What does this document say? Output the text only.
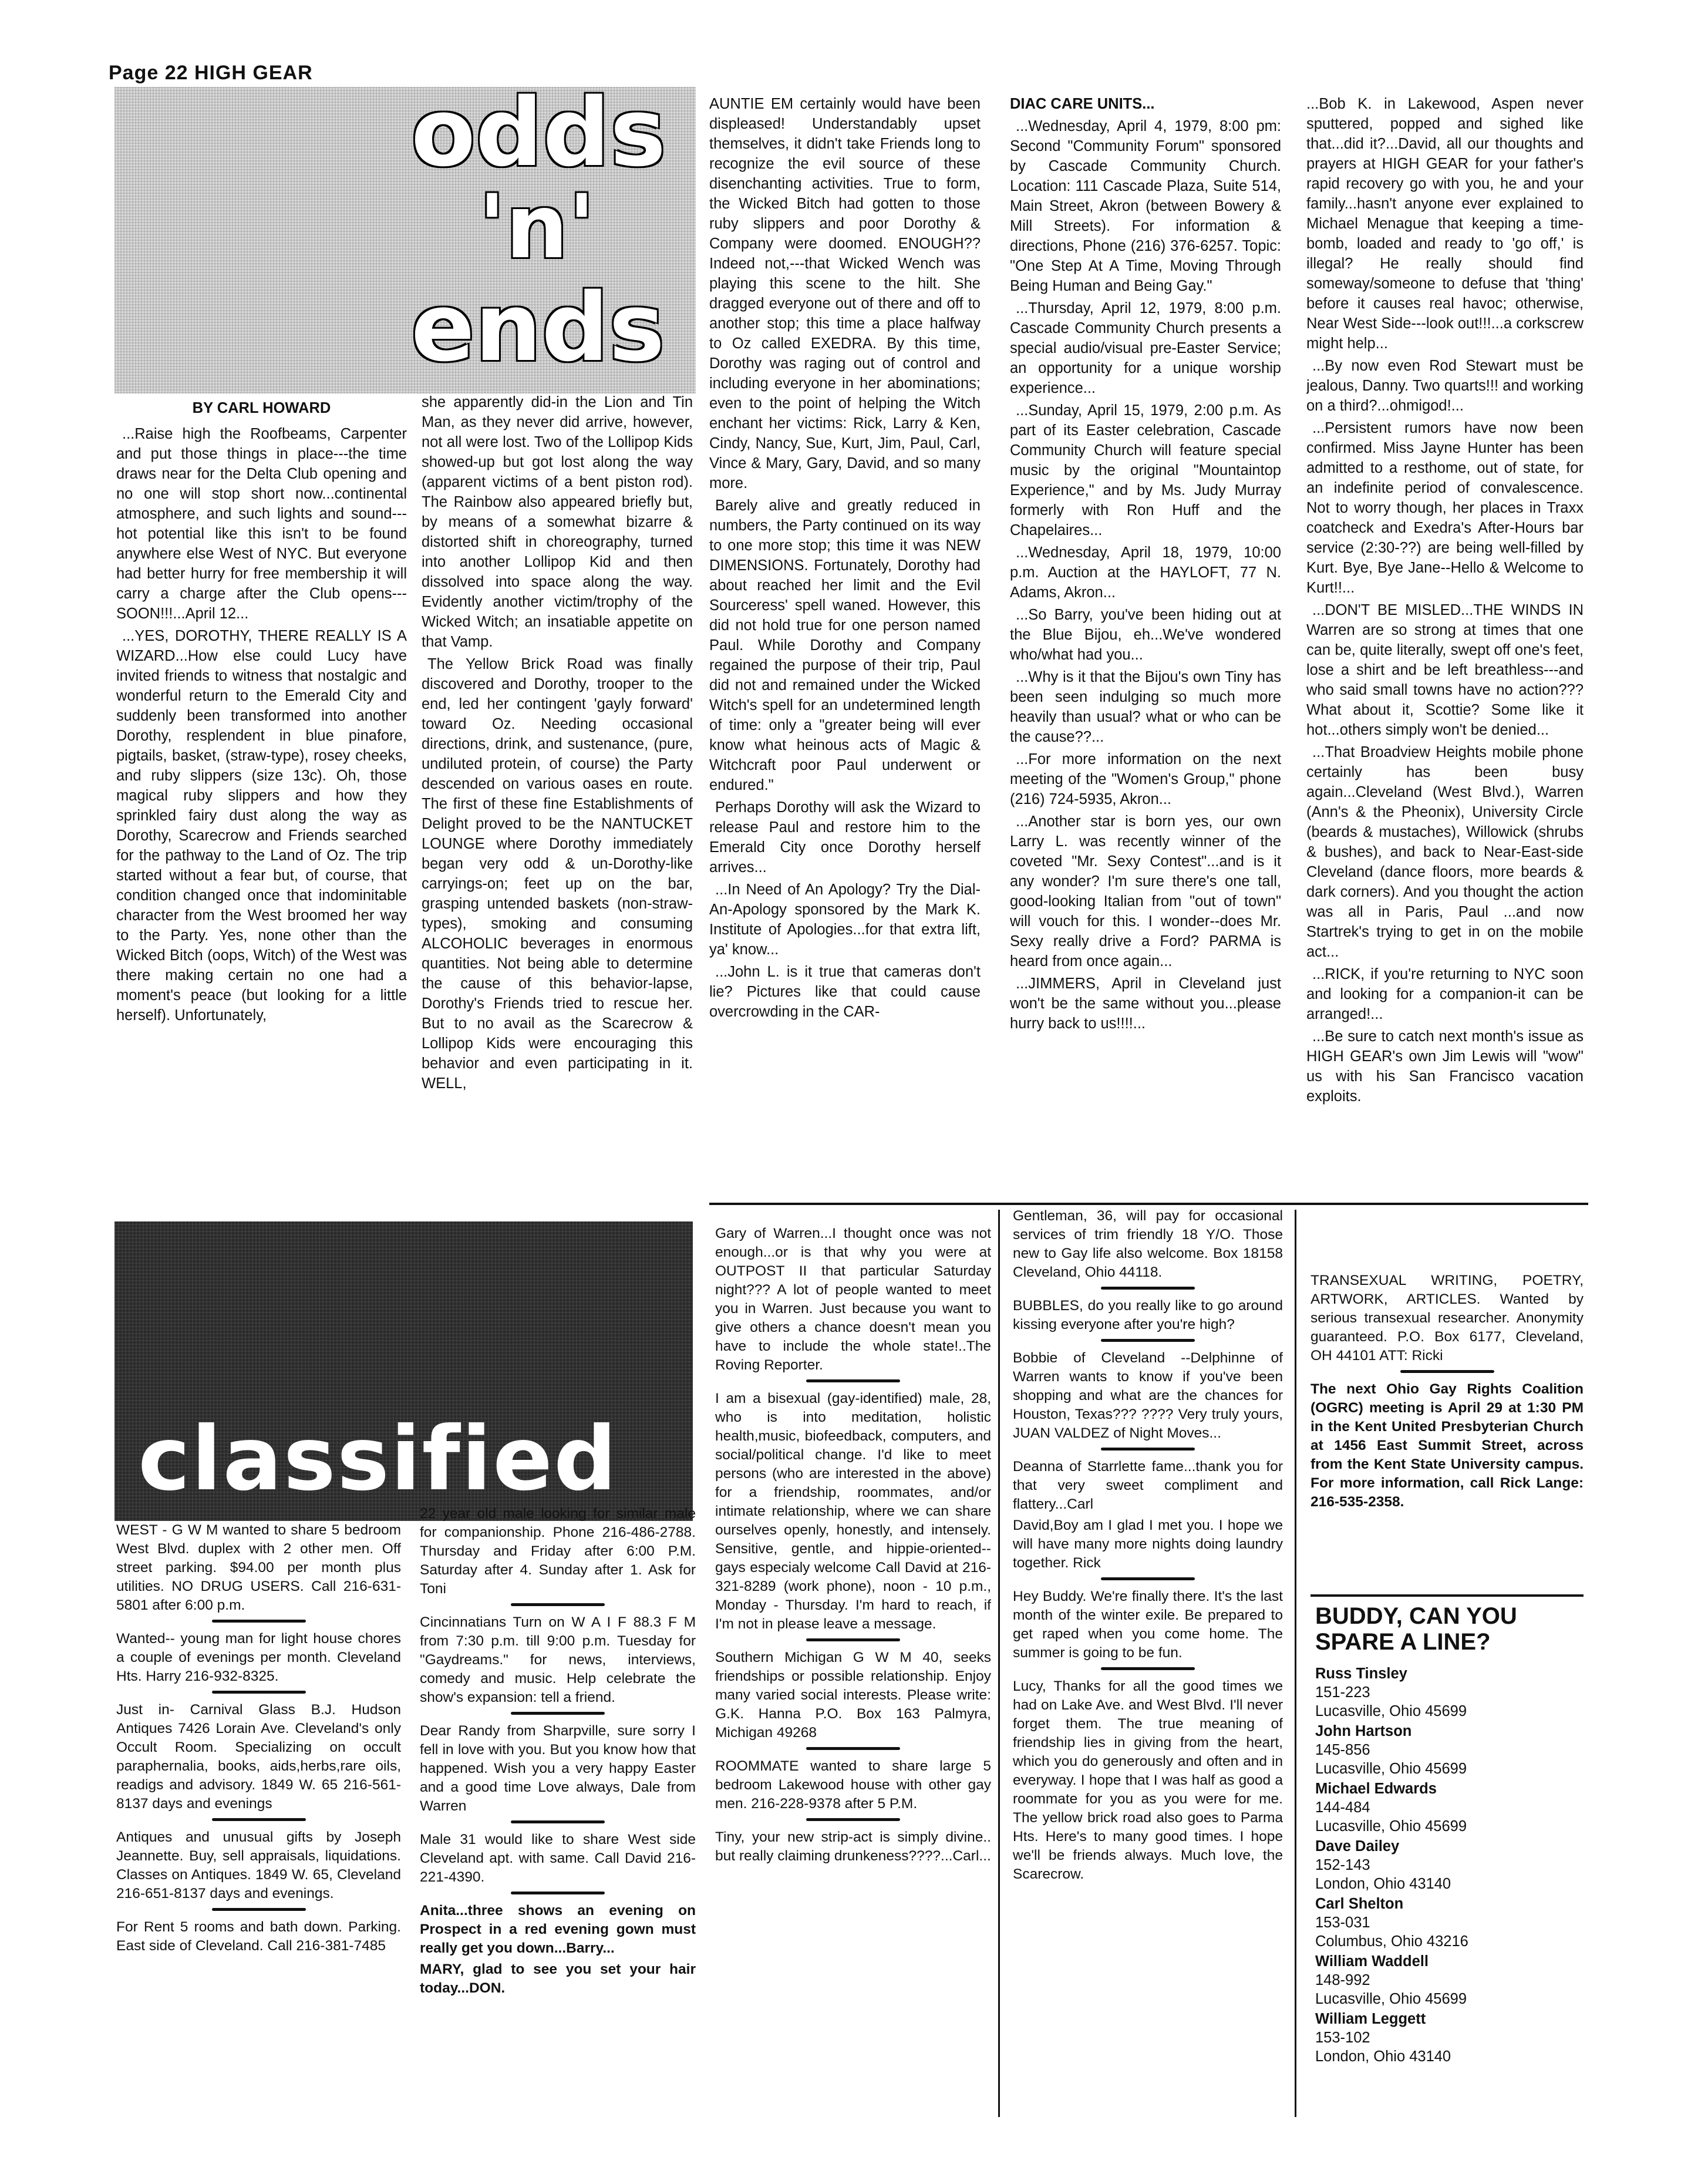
Page 22 HIGH GEAR
odds
'n'
ends

BY CARL HOWARD

...Raise high the Roofbeams, Carpenter and put those things in place---the time draws near for the Delta Club opening and no one will stop short now...continental atmosphere, and such lights and sound---hot potential like this isn't to be found anywhere else West of NYC. But everyone had better hurry for free membership it will carry a charge after the Club opens---SOON!!!...April 12...

...YES, DOROTHY, THERE REALLY IS A WIZARD...How else could Lucy have invited friends to witness that nostalgic and wonderful return to the Emerald City and suddenly been transformed into another Dorothy, resplendent in blue pinafore, pigtails, basket, (straw-type), rosey cheeks, and ruby slippers (size 13c). Oh, those magical ruby slippers and how they sprinkled fairy dust along the way as Dorothy, Scarecrow and Friends searched for the pathway to the Land of Oz. The trip started without a fear but, of course, that condition changed once that indominitable character from the West broomed her way to the Party. Yes, none other than the Wicked Bitch (oops, Witch) of the West was there making certain no one had a moment's peace (but looking for a little herself). Unfortunately,

she apparently did-in the Lion and Tin Man, as they never did arrive, however, not all were lost. Two of the Lollipop Kids showed-up but got lost along the way (apparent victims of a bent piston rod). The Rainbow also appeared briefly but, by means of a somewhat bizarre & distorted shift in choreography, turned into another Lollipop Kid and then dissolved into space along the way. Evidently another victim/trophy of the Wicked Witch; an insatiable appetite on that Vamp.

The Yellow Brick Road was finally discovered and Dorothy, trooper to the end, led her contingent 'gayly forward' toward Oz. Needing occasional directions, drink, and sustenance, (pure, undiluted protein, of course) the Party descended on various oases en route. The first of these fine Establishments of Delight proved to be the NANTUCKET LOUNGE where Dorothy immediately began very odd & un-Dorothy-like carryings-on; feet up on the bar, grasping untended baskets (non-straw-types), smoking and consuming ALCOHOLIC beverages in enormous quantities. Not being able to determine the cause of this behavior-lapse, Dorothy's Friends tried to rescue her. But to no avail as the Scarecrow & Lollipop Kids were encouraging this behavior and even participating in it. WELL,

AUNTIE EM certainly would have been displeased! Understandably upset themselves, it didn't take Friends long to recognize the evil source of these disenchanting activities. True to form, the Wicked Bitch had gotten to those ruby slippers and poor Dorothy & Company were doomed. ENOUGH?? Indeed not,---that Wicked Wench was playing this scene to the hilt. She dragged everyone out of there and off to another stop; this time a place halfway to Oz called EXEDRA. By this time, Dorothy was raging out of control and including everyone in her abominations; even to the point of helping the Witch enchant her victims: Rick, Larry & Ken, Cindy, Nancy, Sue, Kurt, Jim, Paul, Carl, Vince & Mary, Gary, David, and so many more.

Barely alive and greatly reduced in numbers, the Party continued on its way to one more stop; this time it was NEW DIMENSIONS. Fortunately, Dorothy had about reached her limit and the Evil Sourceress' spell waned. However, this did not hold true for one person named Paul. While Dorothy and Company regained the purpose of their trip, Paul did not and remained under the Wicked Witch's spell for an undetermined length of time: only a "greater being will ever know what heinous acts of Magic & Witchcraft poor Paul underwent or endured."

Perhaps Dorothy will ask the Wizard to release Paul and restore him to the Emerald City once Dorothy herself arrives...

...In Need of An Apology? Try the Dial-An-Apology sponsored by the Mark K. Institute of Apologies...for that extra lift, ya' know...

...John L. is it true that cameras don't lie? Pictures like that could cause overcrowding in the CAR-

DIAC CARE UNITS...

...Wednesday, April 4, 1979, 8:00 pm: Second "Community Forum" sponsored by Cascade Community Church. Location: 111 Cascade Plaza, Suite 514, Main Street, Akron (between Bowery & Mill Streets). For information & directions, Phone (216) 376-6257. Topic: "One Step At A Time, Moving Through Being Human and Being Gay."

...Thursday, April 12, 1979, 8:00 p.m. Cascade Community Church presents a special audio/visual pre-Easter Service; an opportunity for a unique worship experience...

...Sunday, April 15, 1979, 2:00 p.m. As part of its Easter celebration, Cascade Community Church will feature special music by the original "Mountaintop Experience," and by Ms. Judy Murray formerly with Ron Huff and the Chapelaires...

...Wednesday, April 18, 1979, 10:00 p.m. Auction at the HAYLOFT, 77 N. Adams, Akron...

...So Barry, you've been hiding out at the Blue Bijou, eh...We've wondered who/what had you...

...Why is it that the Bijou's own Tiny has been seen indulging so much more heavily than usual? what or who can be the cause??...

...For more information on the next meeting of the "Women's Group," phone (216) 724-5935, Akron...

...Another star is born yes, our own Larry L. was recently winner of the coveted "Mr. Sexy Contest"...and is it any wonder? I'm sure there's one tall, good-looking Italian from "out of town" will vouch for this. I wonder--does Mr. Sexy really drive a Ford? PARMA is heard from once again...

...JIMMERS, April in Cleveland just won't be the same without you...please hurry back to us!!!!...

...Bob K. in Lakewood, Aspen never sputtered, popped and sighed like that...did it?...David, all our thoughts and prayers at HIGH GEAR for your father's rapid recovery go with you, he and your family...hasn't anyone ever explained to Michael Menague that keeping a time-bomb, loaded and ready to 'go off,' is illegal? He really should find someway/someone to defuse that 'thing' before it causes real havoc; otherwise, Near West Side---look out!!!...a corkscrew might help...

...By now even Rod Stewart must be jealous, Danny. Two quarts!!! and working on a third?...ohmigod!...

...Persistent rumors have now been confirmed. Miss Jayne Hunter has been admitted to a resthome, out of state, for an indefinite period of convalescence. Not to worry though, her places in Traxx coatcheck and Exedra's After-Hours bar service (2:30-??) are being well-filled by Kurt. Bye, Bye Jane--Hello & Welcome to Kurt!!...

...DON'T BE MISLED...THE WINDS IN Warren are so strong at times that one can be, quite literally, swept off one's feet, lose a shirt and be left breathless---and who said small towns have no action??? What about it, Scottie? Some like it hot...others simply won't be denied...

...That Broadview Heights mobile phone certainly has been busy again...Cleveland (West Blvd.), Warren (Ann's & the Pheonix), University Circle (beards & mustaches), Willowick (shrubs & bushes), and back to Near-East-side Cleveland (dance floors, more beards & dark corners). And you thought the action was all in Paris, Paul ...and now Startrek's trying to get in on the mobile act...

...RICK, if you're returning to NYC soon and looking for a companion-it can be arranged!...

...Be sure to catch next month's issue as HIGH GEAR's own Jim Lewis will "wow" us with his San Francisco vacation exploits.

classified

WEST - G W M wanted to share 5 bedroom West Blvd. duplex with 2 other men. Off street parking. $94.00 per month plus utilities. NO DRUG USERS. Call 216-631-5801 after 6:00 p.m.

Wanted-- young man for light house chores a couple of evenings per month. Cleveland Hts. Harry 216-932-8325.

Just in- Carnival Glass B.J. Hudson Antiques 7426 Lorain Ave. Cleveland's only Occult Room. Specializing on occult paraphernalia, books, aids,herbs,rare oils, readigs and advisory. 1849 W. 65 216-561-8137 days and evenings

Antiques and unusual gifts by Joseph Jeannette. Buy, sell appraisals, liquidations. Classes on Antiques. 1849 W. 65, Cleveland 216-651-8137 days and evenings.

For Rent 5 rooms and bath down. Parking. East side of Cleveland. Call 216-381-7485

22 year old male looking for similar male for companionship. Phone 216-486-2788. Thursday and Friday after 6:00 P.M. Saturday after 4. Sunday after 1. Ask for Toni

Cincinnatians Turn on W A I F 88.3 F M from 7:30 p.m. till 9:00 p.m. Tuesday for "Gaydreams." for news, interviews, comedy and music. Help celebrate the show's expansion: tell a friend.

Dear Randy from Sharpville, sure sorry I fell in love with you. But you know how that happened. Wish you a very happy Easter and a good time Love always, Dale from Warren

Male 31 would like to share West side Cleveland apt. with same. Call David 216-221-4390.

Anita...three shows an evening on Prospect in a red evening gown must really get you down...Barry...

MARY, glad to see you set your hair today...DON.

Gary of Warren...I thought once was not enough...or is that why you were at OUTPOST II that particular Saturday night??? A lot of people wanted to meet you in Warren. Just because you want to give others a chance doesn't mean you have to include the whole state!..The Roving Reporter.

I am a bisexual (gay-identified) male, 28, who is into meditation, holistic health,music, biofeedback, computers, and social/political change. I'd like to meet persons (who are interested in the above) for a friendship, roommates, and/or intimate relationship, where we can share ourselves openly, honestly, and intensely. Sensitive, gentle, and hippie-oriented-- gays especialy welcome Call David at 216-321-8289 (work phone), noon - 10 p.m., Monday - Thursday. I'm hard to reach, if I'm not in please leave a message.

Southern Michigan G W M 40, seeks friendships or possible relationship. Enjoy many varied social interests. Please write: G.K. Hanna P.O. Box 163 Palmyra, Michigan 49268

ROOMMATE wanted to share large 5 bedroom Lakewood house with other gay men. 216-228-9378 after 5 P.M.

Tiny, your new strip-act is simply divine.. but really claiming drunkeness????...Carl...

Gentleman, 36, will pay for occasional services of trim friendly 18 Y/O. Those new to Gay life also welcome. Box 18158 Cleveland, Ohio 44118.

BUBBLES, do you really like to go around kissing everyone after you're high?

Bobbie of Cleveland --Delphinne of Warren wants to know if you've been shopping and what are the chances for Houston, Texas??? ???? Very truly yours, JUAN VALDEZ of Night Moves...

Deanna of Starrlette fame...thank you for that very sweet compliment and flattery...Carl

David,Boy am I glad I met you. I hope we will have many more nights doing laundry together. Rick

Hey Buddy. We're finally there. It's the last month of the winter exile. Be prepared to get raped when you come home. The summer is going to be fun.

Lucy, Thanks for all the good times we had on Lake Ave. and West Blvd. I'll never forget them. The true meaning of friendship lies in giving from the heart, which you do generously and often and in everyway. I hope that I was half as good a roommate for you as you were for me. The yellow brick road also goes to Parma Hts. Here's to many good times. I hope we'll be friends always. Much love, the Scarecrow.

TRANSEXUAL WRITING, POETRY, ARTWORK, ARTICLES. Wanted by serious transexual researcher. Anonymity guaranteed. P.O. Box 6177, Cleveland, OH 44101 ATT: Ricki

The next Ohio Gay Rights Coalition (OGRC) meeting is April 29 at 1:30 PM in the Kent United Presbyterian Church at 1456 East Summit Street, across from the Kent State University campus. For more information, call Rick Lange: 216-535-2358.

BUDDY, CAN YOU SPARE A LINE?
Russ Tinsley
151-223
Lucasville, Ohio 45699
John Hartson
145-856
Lucasville, Ohio 45699
Michael Edwards
144-484
Lucasville, Ohio 45699
Dave Dailey
152-143
London, Ohio 43140
Carl Shelton
153-031
Columbus, Ohio 43216
William Waddell
148-992
Lucasville, Ohio 45699
William Leggett
153-102
London, Ohio 43140
